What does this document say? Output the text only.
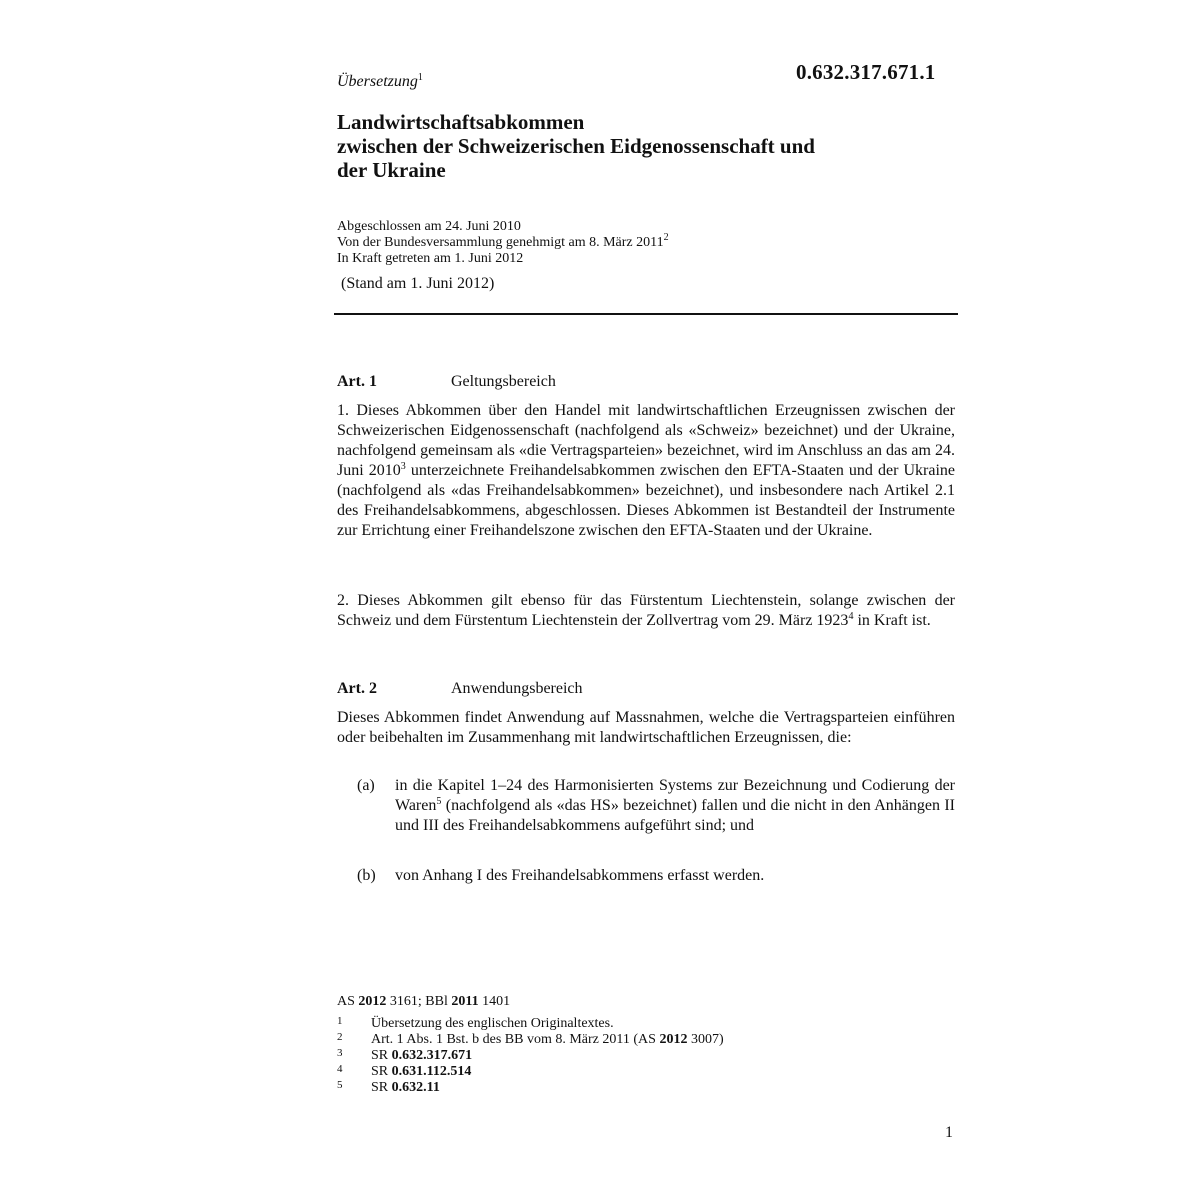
0.632.317.671.1
Übersetzung$^1$
Landwirtschaftsabkommen
zwischen der Schweizerischen Eidgenossenschaft und
der Ukraine
Abgeschlossen am 24. Juni 2010
Von der Bundesversammlung genehmigt am 8. März 2011$^2$
In Kraft getreten am 1. Juni 2012
(Stand am 1. Juni 2012)
Art. 1	Geltungsbereich

1. Dieses Abkommen über den Handel mit landwirtschaftlichen Erzeugnissen zwischen der Schweizerischen Eidgenossenschaft (nachfolgend als «Schweiz» bezeichnet) und der Ukraine, nachfolgend gemeinsam als «die Vertragsparteien» bezeichnet, wird im Anschluss an das am 24. Juni 2010$^3$ unterzeichnete Freihandelsabkommen zwischen den EFTA-Staaten und der Ukraine (nachfolgend als «das Freihandelsabkommen» bezeichnet), und insbesondere nach Artikel 2.1 des Freihandelsabkommens, abgeschlossen. Dieses Abkommen ist Bestandteil der Instrumente zur Errichtung einer Freihandelszone zwischen den EFTA-Staaten und der Ukraine.

2. Dieses Abkommen gilt ebenso für das Fürstentum Liechtenstein, solange zwischen der Schweiz und dem Fürstentum Liechtenstein der Zollvertrag vom 29. März 1923$^4$ in Kraft ist.

Art. 2	Anwendungsbereich

Dieses Abkommen findet Anwendung auf Massnahmen, welche die Vertragsparteien einführen oder beibehalten im Zusammenhang mit landwirtschaftlichen Erzeugnissen, die:

(a) in die Kapitel 1–24 des Harmonisierten Systems zur Bezeichnung und Codierung der Waren$^5$ (nachfolgend als «das HS» bezeichnet) fallen und die nicht in den Anhängen II und III des Freihandelsabkommens aufgeführt sind; und
(b) von Anhang I des Freihandelsabkommens erfasst werden.
AS 2012 3161; BBl 2011 1401
1 Übersetzung des englischen Originaltextes.
2 Art. 1 Abs. 1 Bst. b des BB vom 8. März 2011 (AS 2012 3007)
3 SR 0.632.317.671
4 SR 0.631.112.514
5 SR 0.632.11
1
